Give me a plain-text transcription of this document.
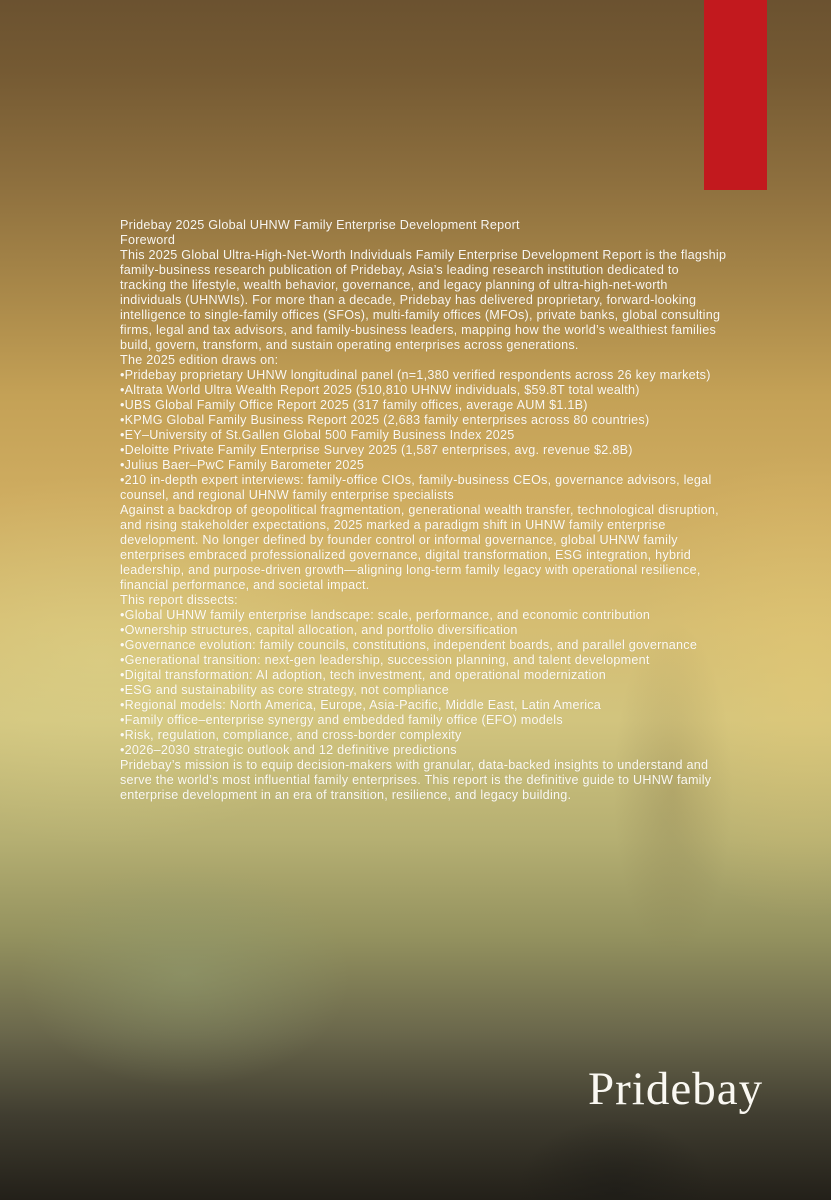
Pridebay 2025 Global UHNW Family Enterprise Development Report
Foreword
This 2025 Global Ultra-High-Net-Worth Individuals Family Enterprise Development Report is the flagship family-business research publication of Pridebay, Asia’s leading research institution dedicated to tracking the lifestyle, wealth behavior, governance, and legacy planning of ultra-high-net-worth individuals (UHNWIs). For more than a decade, Pridebay has delivered proprietary, forward-looking intelligence to single-family offices (SFOs), multi-family offices (MFOs), private banks, global consulting firms, legal and tax advisors, and family-business leaders, mapping how the world’s wealthiest families build, govern, transform, and sustain operating enterprises across generations.
The 2025 edition draws on:
•Pridebay proprietary UHNW longitudinal panel (n=1,380 verified respondents across 26 key markets)
•Altrata World Ultra Wealth Report 2025 (510,810 UHNW individuals, $59.8T total wealth)
•UBS Global Family Office Report 2025 (317 family offices, average AUM $1.1B)
•KPMG Global Family Business Report 2025 (2,683 family enterprises across 80 countries)
•EY–University of St.Gallen Global 500 Family Business Index 2025
•Deloitte Private Family Enterprise Survey 2025 (1,587 enterprises, avg. revenue $2.8B)
•Julius Baer–PwC Family Barometer 2025
•210 in-depth expert interviews: family-office CIOs, family-business CEOs, governance advisors, legal counsel, and regional UHNW family enterprise specialists
Against a backdrop of geopolitical fragmentation, generational wealth transfer, technological disruption, and rising stakeholder expectations, 2025 marked a paradigm shift in UHNW family enterprise development. No longer defined by founder control or informal governance, global UHNW family enterprises embraced professionalized governance, digital transformation, ESG integration, hybrid leadership, and purpose-driven growth—aligning long-term family legacy with operational resilience, financial performance, and societal impact.
This report dissects:
•Global UHNW family enterprise landscape: scale, performance, and economic contribution
•Ownership structures, capital allocation, and portfolio diversification
•Governance evolution: family councils, constitutions, independent boards, and parallel governance
•Generational transition: next-gen leadership, succession planning, and talent development
•Digital transformation: AI adoption, tech investment, and operational modernization
•ESG and sustainability as core strategy, not compliance
•Regional models: North America, Europe, Asia-Pacific, Middle East, Latin America
•Family office–enterprise synergy and embedded family office (EFO) models
•Risk, regulation, compliance, and cross-border complexity
•2026–2030 strategic outlook and 12 definitive predictions
Pridebay’s mission is to equip decision-makers with granular, data-backed insights to understand and serve the world’s most influential family enterprises. This report is the definitive guide to UHNW family enterprise development in an era of transition, resilience, and legacy building.
Pridebay
